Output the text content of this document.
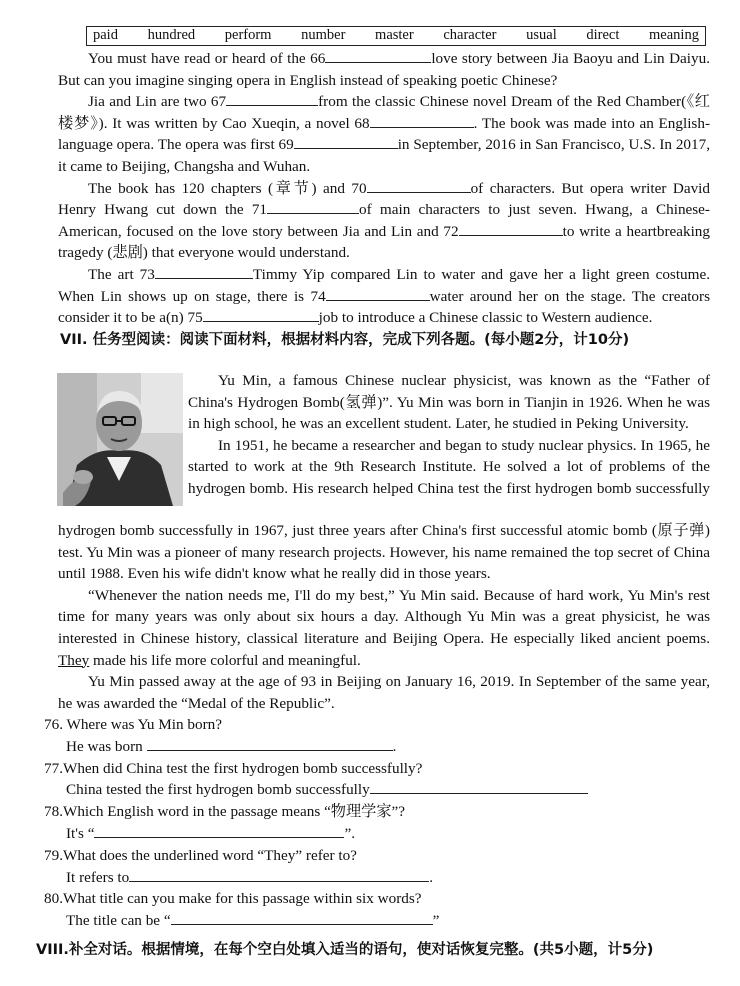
paid hundred perform number master character usual direct meaning

You must have read or heard of the 66	love story between Jia Baoyu and Lin Daiyu. But can you imagine singing opera in English instead of speaking poetic Chinese?

Jia and Lin are two 67	from the classic Chinese novel Dream of the Red Chamber(《红楼梦》). It was written by Cao Xueqin, a novel 68	. The book was made into an English-language opera. The opera was first 69	in September, 2016 in San Francisco, U.S. In 2017, it came to Beijing, Changsha and Wuhan.

The book has 120 chapters (章节) and 70	of characters. But opera writer David Henry Hwang cut down the 71	of main characters to just seven. Hwang, a Chinese-American, focused on the love story between Jia and Lin and 72	to write a heartbreaking tragedy (悲剧) that everyone would understand.

The art 73	Timmy Yip compared Lin to water and gave her a light green costume. When Lin shows up on stage, there is 74	water around her on the stage. The creators consider it to be a(n) 75	job to introduce a Chinese classic to Western audience.

VII. 任务型阅读：阅读下面材料，根据材料内容，完成下列各题。(每小题2分，计10分)

Yu Min, a famous Chinese nuclear physicist, was known as the “Father of China's Hydrogen Bomb(氢弹)”. Yu Min was born in Tianjin in 1926. When he was in high school, he was an excellent student. Later, he studied in Peking University.

In 1951, he became a researcher and began to study nuclear physics. In 1965, he started to work at the 9th Research Institute. He solved a lot of problems of the hydrogen bomb. His research helped China test the first hydrogen bomb successfully

hydrogen bomb successfully in 1967, just three years after China's first successful atomic bomb (原子弹) test. Yu Min was a pioneer of many research projects. However, his name remained the top secret of China until 1988. Even his wife didn't know what he really did in those years.

“Whenever the nation needs me, I'll do my best,” Yu Min said. Because of hard work, Yu Min's rest time for many years was only about six hours a day. Although Yu Min was a great physicist, he was interested in Chinese history, classical literature and Beijing Opera. He especially liked ancient poems. They made his life more colorful and meaningful.

Yu Min passed away at the age of 93 in Beijing on January 16, 2019. In September of the same year, he was awarded the “Medal of the Republic”.

76. Where was Yu Min born?

He was born	.

77.When did China test the first hydrogen bomb successfully?

China tested the first hydrogen bomb successfully

78.Which English word in the passage means “物理学家”?

It's “	”.

79.What does the underlined word “They” refer to?

It refers to	.

80.What title can you make for this passage within six words?

The title can be “	”

VIII.补全对话。根据情境，在每个空白处填入适当的语句，使对话恢复完整。(共5小题，计5分)
